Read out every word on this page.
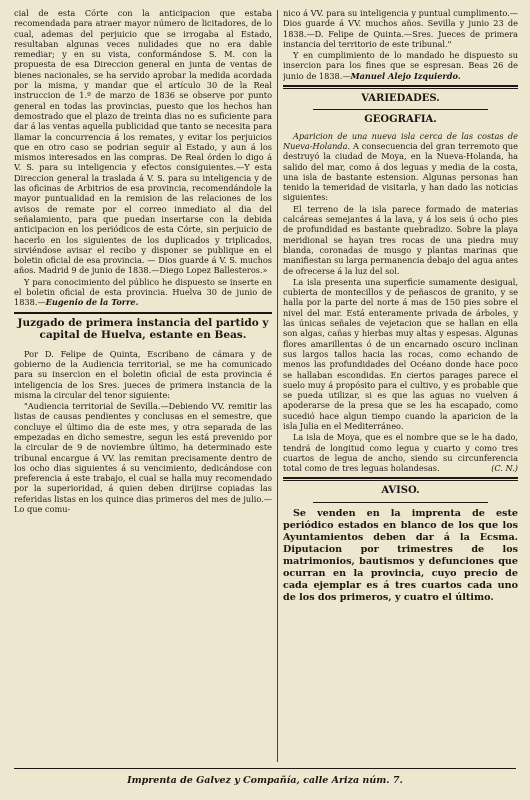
cial de esta Córte con la anticipacion que estaba recomendada para atraer mayor número de licitadores, de lo cual, ademas del perjuicio que se irrogaba al Estado, resultaban algunas veces nulidades que no era dable remediar; y en su vista, conformándose S. M. con la propuesta de esa Direccion general en junta de ventas de bienes nacionales, se ha servido aprobar la medida acordada por la misma, y mandar que el artículo 30 de la Real instruccion de 1.º de marzo de 1836 se observe por punto general en todas las provincias, puesto que los hechos han demostrado que el plazo de treinta dias no es suficiente para dar á las ventas aquella publicidad que tanto se necesita para llamar la concurrencia á los remates, y evitar los perjuicios que en otro caso se podrian seguir al Estado, y aun á los mismos interesados en las compras. De Real órden lo digo á V. S. para su inteligencia y efectos consiguientes.—Y esta Direccion general la traslada á V. S. para su inteligencia y de las oficinas de Arbitrios de esa provincia, recomendándole la mayor puntualidad en la remision de las relaciones de los avisos de remate por el correo inmediato al dia del señalamiento, para que puedan insertarse con la debida anticipacion en los periódicos de esta Córte, sin perjuicio de hacerlo en los siguientes de los duplicados y triplicados, sirviéndose avisar el recibo y disponer se publique en el boletin oficial de esa provincia. — Dios guarde á V. S. muchos años. Madrid 9 de junio de 1838.—Diego Lopez Ballesteros.»

Y para conocimiento del público he dispuesto se inserte en el boletin oficial de esta provincia. Huelva 30 de junio de 1838.—Eugenio de la Torre.

Juzgado de primera instancia del partido y capital de Huelva, estante en Beas.

Por D. Felipe de Quinta, Escribano de cámara y de gobierno de la Audiencia territorial, se me ha comunicado para su insercion en el boletin oficial de esta provincia é inteligencia de los Sres. jueces de primera instancia de la misma la circular del tenor siguiente:

"Audiencia territorial de Sevilla.—Debiendo VV. remitir las listas de causas pendientes y conclusas en el semestre, que concluye el último dia de este mes, y otra separada de las empezadas en dicho semestre, segun les está prevenido por la circular de 9 de noviembre último, ha determinado este tribunal encargue á VV. las remitan precisamente dentro de los ocho dias siguientes á su vencimiento, dedicándose con preferencia á este trabajo, el cual se halla muy recomendado por la superioridad, á quien deben dirijirse copiadas las referidas listas en los quince dias primeros del mes de julio.—Lo que comu-

nico á VV. para su inteligencia y puntual cumplimento.—Dios guarde á VV. muchos años. Sevilla y junio 23 de 1838.—D. Felipe de Quinta.—Sres. Jueces de primera instancia del territorio de este tribunal."

Y en cumplimiento de lo mandado he dispuesto su insercion para los fines que se espresan. Beas 26 de junio de 1838.—Manuel Alejo Izquierdo.

VARIEDADES.
GEOGRAFIA.

Aparicion de una nueva isla cerca de las costas de Nueva-Holanda. A consecuencia del gran terremoto que destruyó la ciudad de Moya, en la Nueva-Holanda, ha salido del mar, como á dos leguas y media de la costa, una isla de bastante estension. Algunas personas han tenido la temeridad de visitarla, y han dado las noticias siguientes:

El terreno de la isla parece formado de materias calcáreas semejantes á la lava, y á los seis ú ocho pies de profundidad es bastante quebradizo. Sobre la playa meridional se hayan tres rocas de una piedra muy blanda, coronadas de musgo y plantas marinas que manifiestan su larga permanencia debajo del agua antes de ofrecerse á la luz del sol.

La isla presenta una superficie sumamente desigual, cubierta de montecillos y de peñascos de granito, y se halla por la parte del norte á mas de 150 pies sobre el nivel del mar. Está enteramente privada de árboles, y las únicas señales de vejetacion que se hallan en ella son algas, cañas y hierbas muy altas y espesas. Algunas flores amarillentas ó de un encarnado oscuro inclinan sus largos tallos hacia las rocas, como echando de menos las profundidades del Océano donde hace poco se hallaban escondidas. En ciertos parages parece el suelo muy á propósito para el cultivo, y es probable que se pueda utilizar, si es que las aguas no vuelven á apoderarse de la presa que se les ha escapado, como sucedió hace algun tiempo cuando la aparicion de la isla Julia en el Mediterráneo.

La isla de Moya, que es el nombre que se le ha dado, tendrá de longitud como legua y cuarto y como tres cuartos de legua de ancho, siendo su circunferencia total como de tres leguas holandesas.	(C. N.)

AVISO.

Se venden en la imprenta de este periódico estados en blanco de los que los Ayuntamientos deben dar á la Ecsma. Diputacion por trimestres de los matrimonios, bautismos y defunciones que ocurran en la provincia, cuyo precio de cada ejemplar es á tres cuartos cada uno de los dos primeros, y cuatro el último.

Imprenta de Galvez y Compañía, calle Ariza núm. 7.
